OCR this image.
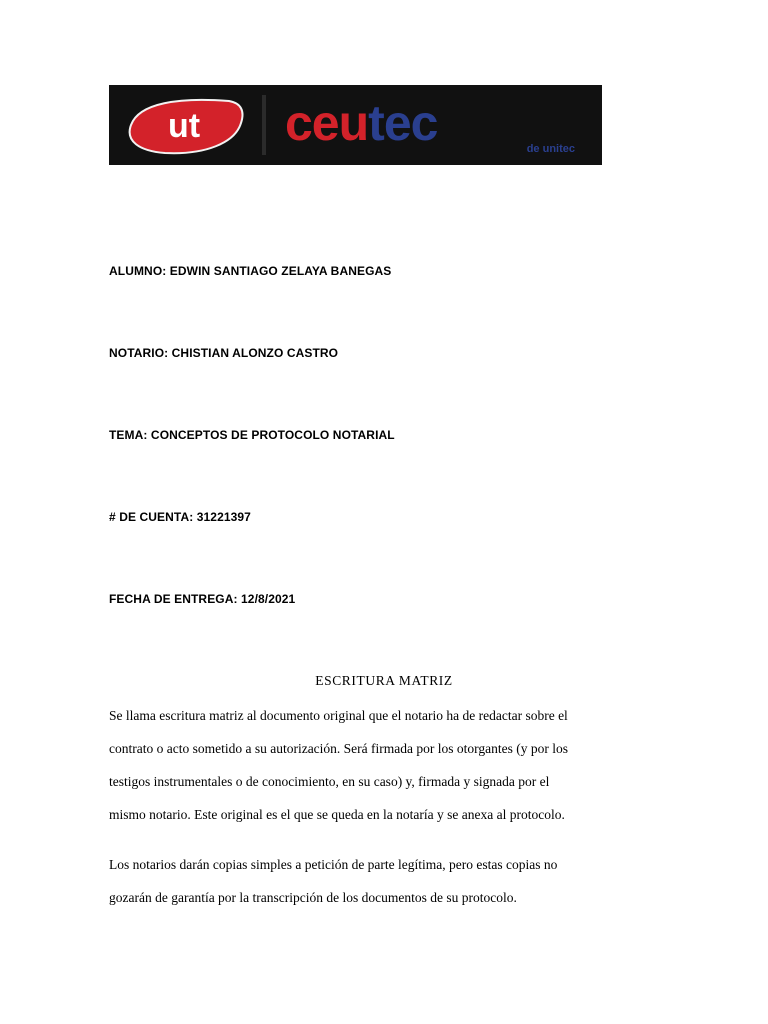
ut ceutec	de unitec
ALUMNO: EDWIN SANTIAGO ZELAYA BANEGAS
NOTARIO: CHISTIAN ALONZO CASTRO
TEMA: CONCEPTOS DE PROTOCOLO NOTARIAL
# DE CUENTA: 31221397
FECHA DE ENTREGA: 12/8/2021
ESCRITURA MATRIZ
Se llama escritura matriz al documento original que el notario ha de redactar sobre el
contrato o acto sometido a su autorización. Será firmada por los otorgantes (y por los
testigos instrumentales o de conocimiento, en su caso) y, firmada y signada por el
mismo notario. Este original es el que se queda en la notaría y se anexa al protocolo.
Los notarios darán copias simples a petición de parte legítima, pero estas copias no
gozarán de garantía por la transcripción de los documentos de su protocolo.
